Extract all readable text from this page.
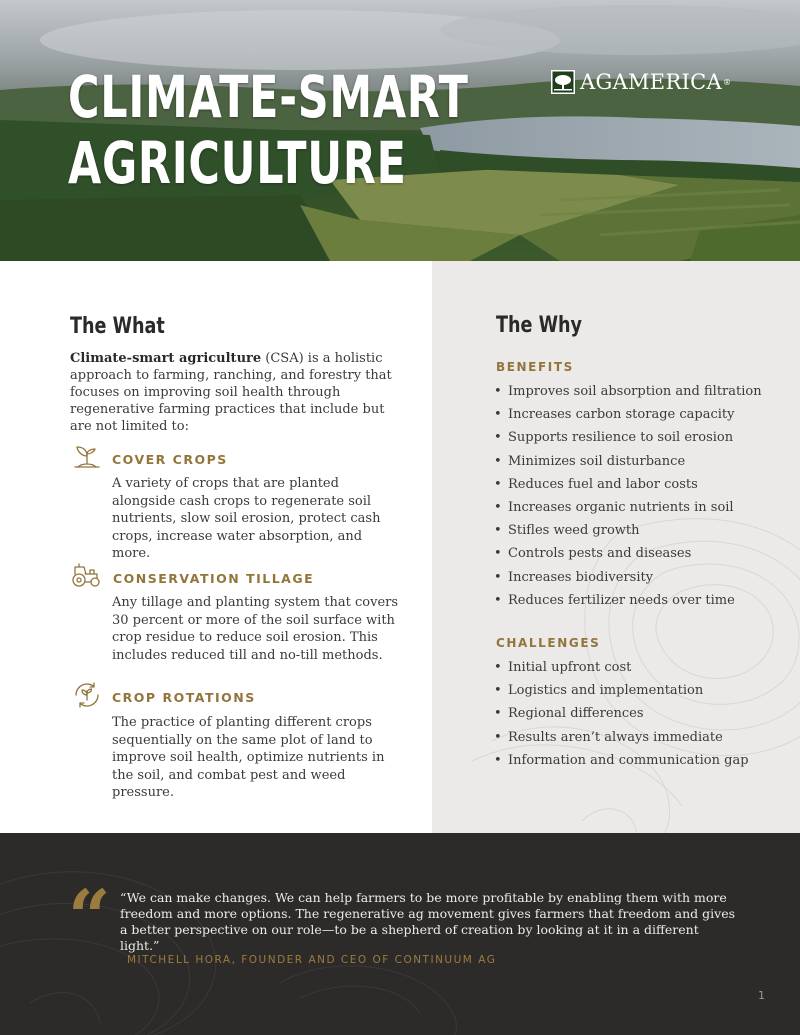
CLIMATE-SMART
AGRICULTURE
AGAMERICA ®
The What

Climate-smart agriculture (CSA) is a holistic approach to farming, ranching, and forestry that focuses on improving soil health through regenerative farming practices that include but are not limited to:

COVER CROPS

A variety of crops that are planted alongside cash crops to regenerate soil nutrients, slow soil erosion, protect cash crops, increase water absorption, and more.

CONSERVATION TILLAGE

Any tillage and planting system that covers 30 percent or more of the soil surface with crop residue to reduce soil erosion. This includes reduced till and no-till methods.

CROP ROTATIONS

The practice of planting different crops sequentially on the same plot of land to improve soil health, optimize nutrients in the soil, and combat pest and weed pressure.

The Why
BENEFITS
• Improves soil absorption and filtration
• Increases carbon storage capacity
• Supports resilience to soil erosion
• Minimizes soil disturbance
• Reduces fuel and labor costs
• Increases organic nutrients in soil
• Stifles weed growth
• Controls pests and diseases
• Increases biodiversity
• Reduces fertilizer needs over time
CHALLENGES
• Initial upfront cost
• Logistics and implementation
• Regional differences
• Results aren’t always immediate
• Information and communication gap

“ “We can make changes. We can help farmers to be more profitable by enabling them with more freedom and more options. The regenerative ag movement gives farmers that freedom and gives a better perspective on our role—to be a shepherd of creation by looking at it in a different light.”

MITCHELL HORA, FOUNDER AND CEO OF CONTINUUM AG

1
